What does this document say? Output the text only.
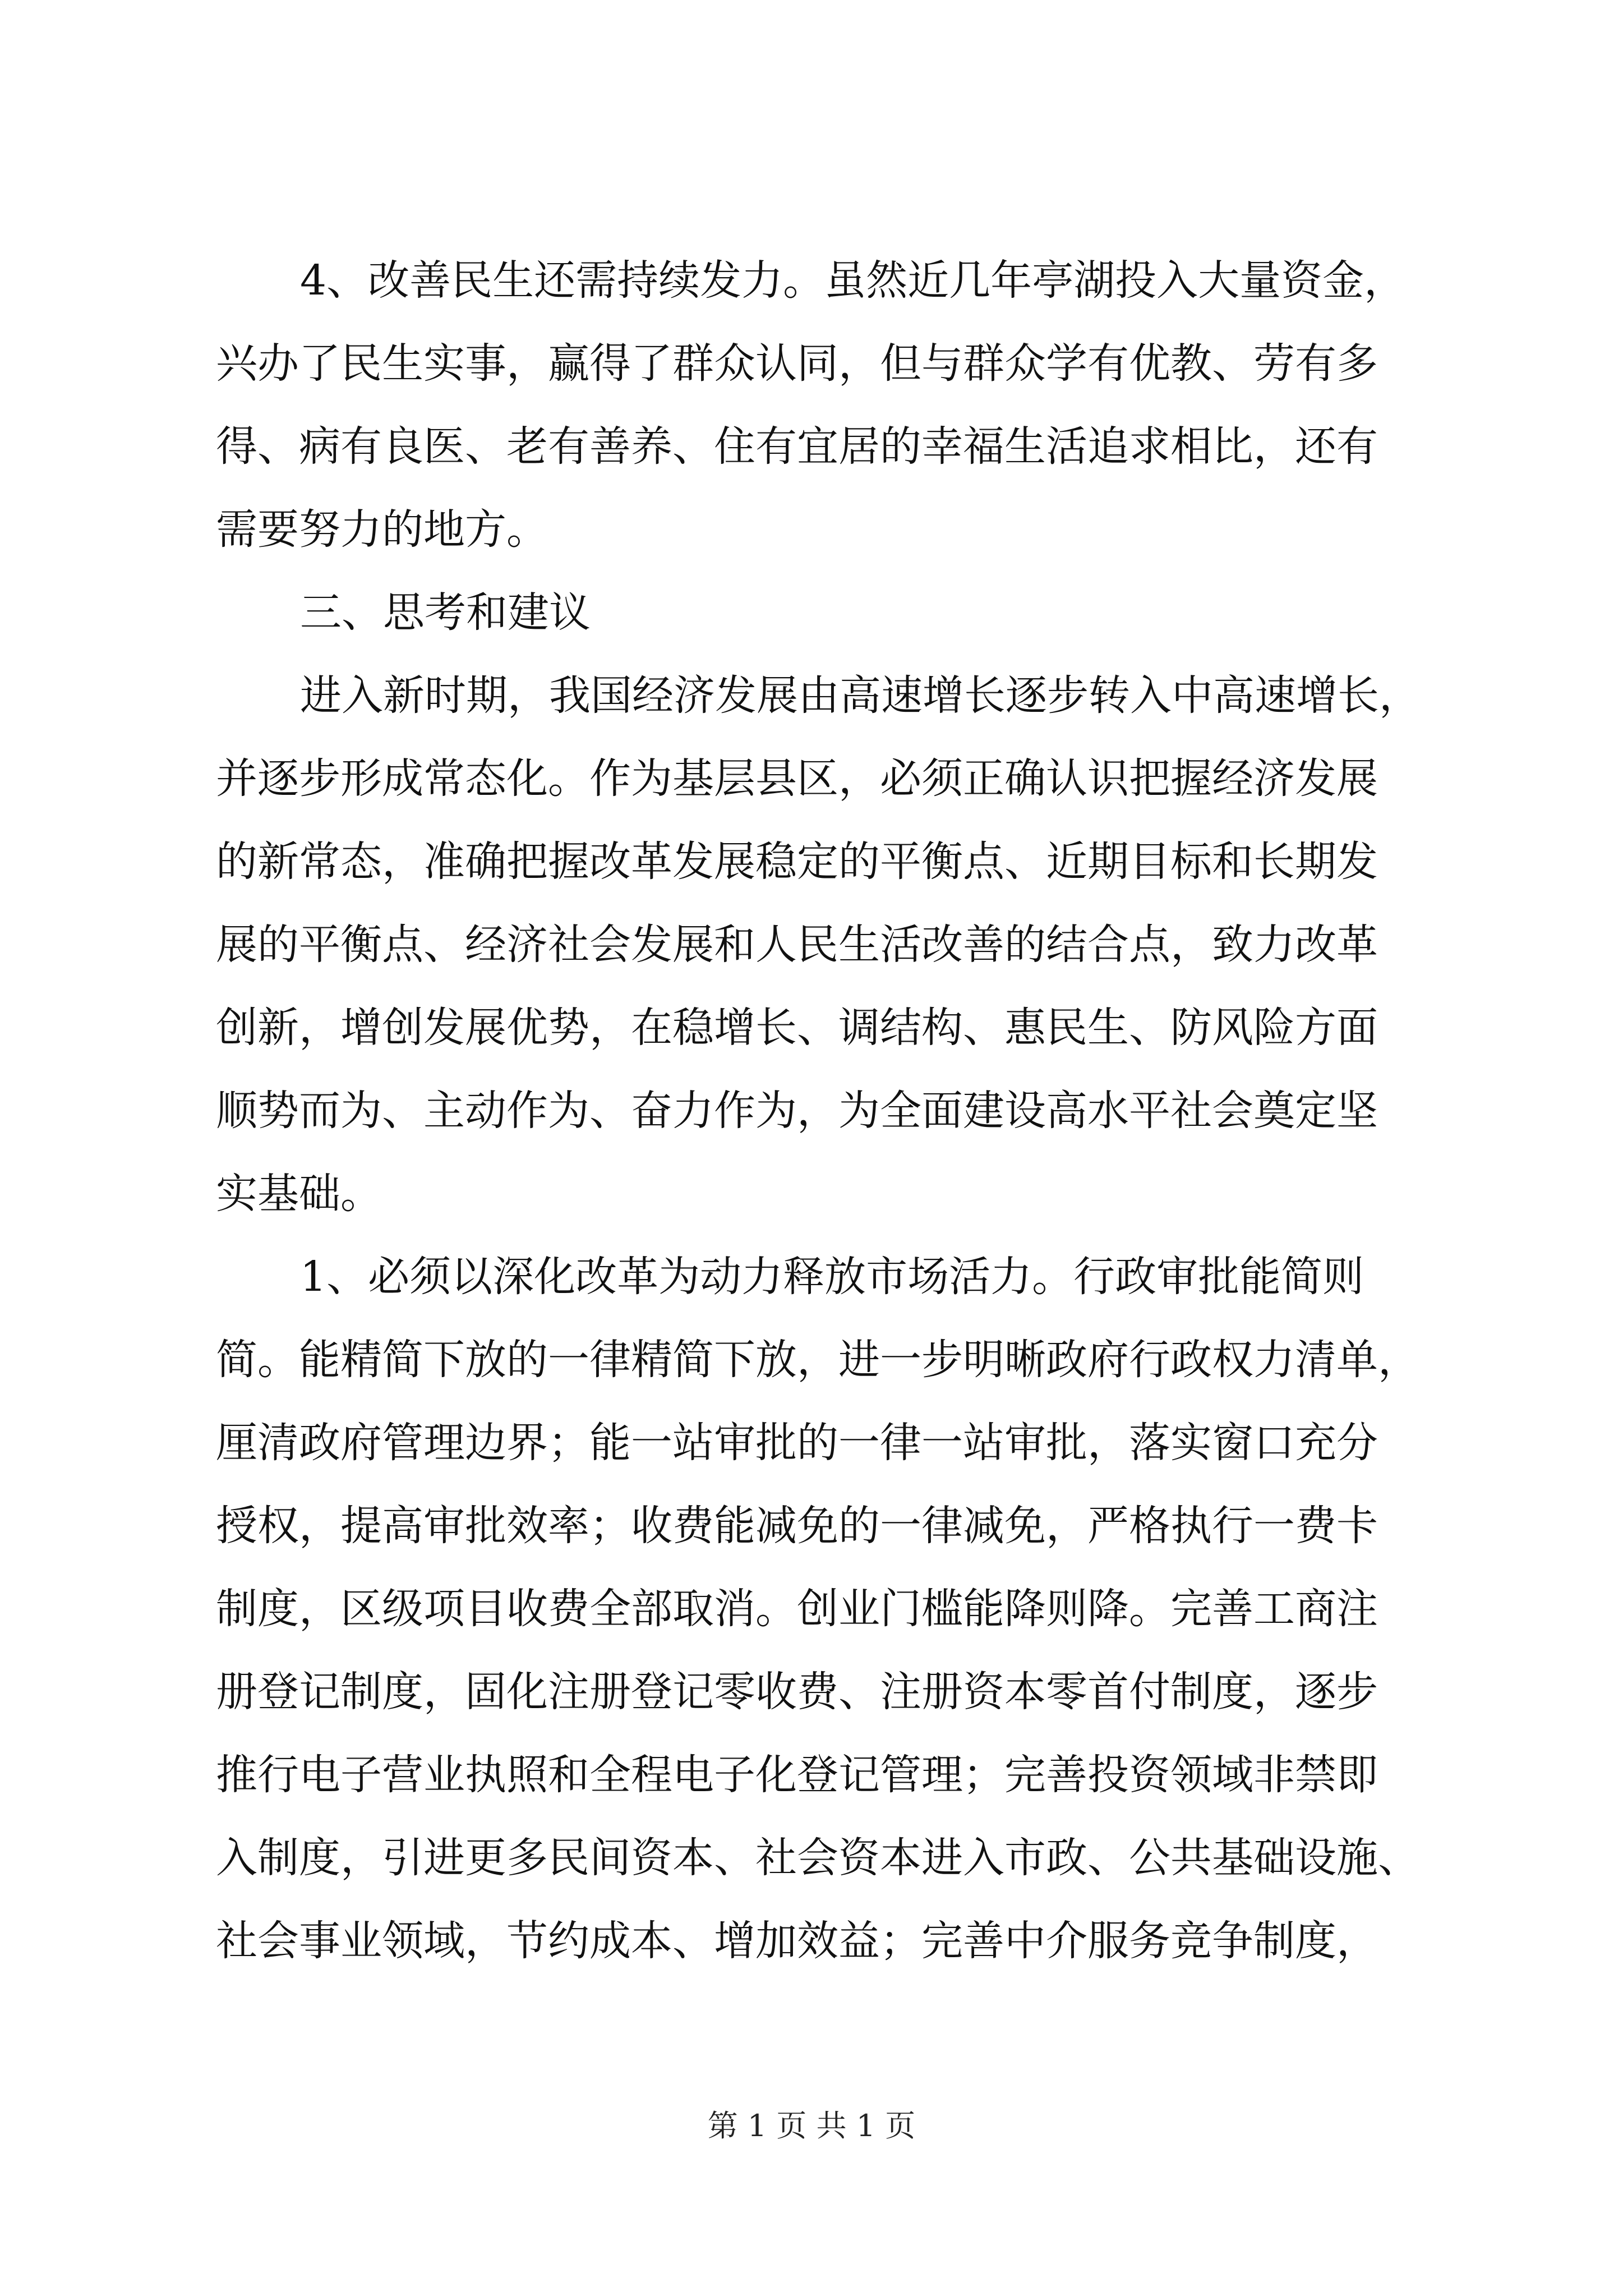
4、改善民生还需持续发力。虽然近几年亭湖投入大量资金，
兴办了民生实事，赢得了群众认同，但与群众学有优教、劳有多
得、病有良医、老有善养、住有宜居的幸福生活追求相比，还有
需要努力的地方。
三、思考和建议
进入新时期，我国经济发展由高速增长逐步转入中高速增长，
并逐步形成常态化。作为基层县区，必须正确认识把握经济发展
的新常态，准确把握改革发展稳定的平衡点、近期目标和长期发
展的平衡点、经济社会发展和人民生活改善的结合点，致力改革
创新，增创发展优势，在稳增长、调结构、惠民生、防风险方面
顺势而为、主动作为、奋力作为，为全面建设高水平社会奠定坚
实基础。
1、必须以深化改革为动力释放市场活力。行政审批能简则
简。能精简下放的一律精简下放，进一步明晰政府行政权力清单，
厘清政府管理边界；能一站审批的一律一站审批，落实窗口充分
授权，提高审批效率；收费能减免的一律减免，严格执行一费卡
制度，区级项目收费全部取消。创业门槛能降则降。完善工商注
册登记制度，固化注册登记零收费、注册资本零首付制度，逐步
推行电子营业执照和全程电子化登记管理；完善投资领域非禁即
入制度，引进更多民间资本、社会资本进入市政、公共基础设施、
社会事业领域，节约成本、增加效益；完善中介服务竞争制度，
第 1 页 共 1 页
